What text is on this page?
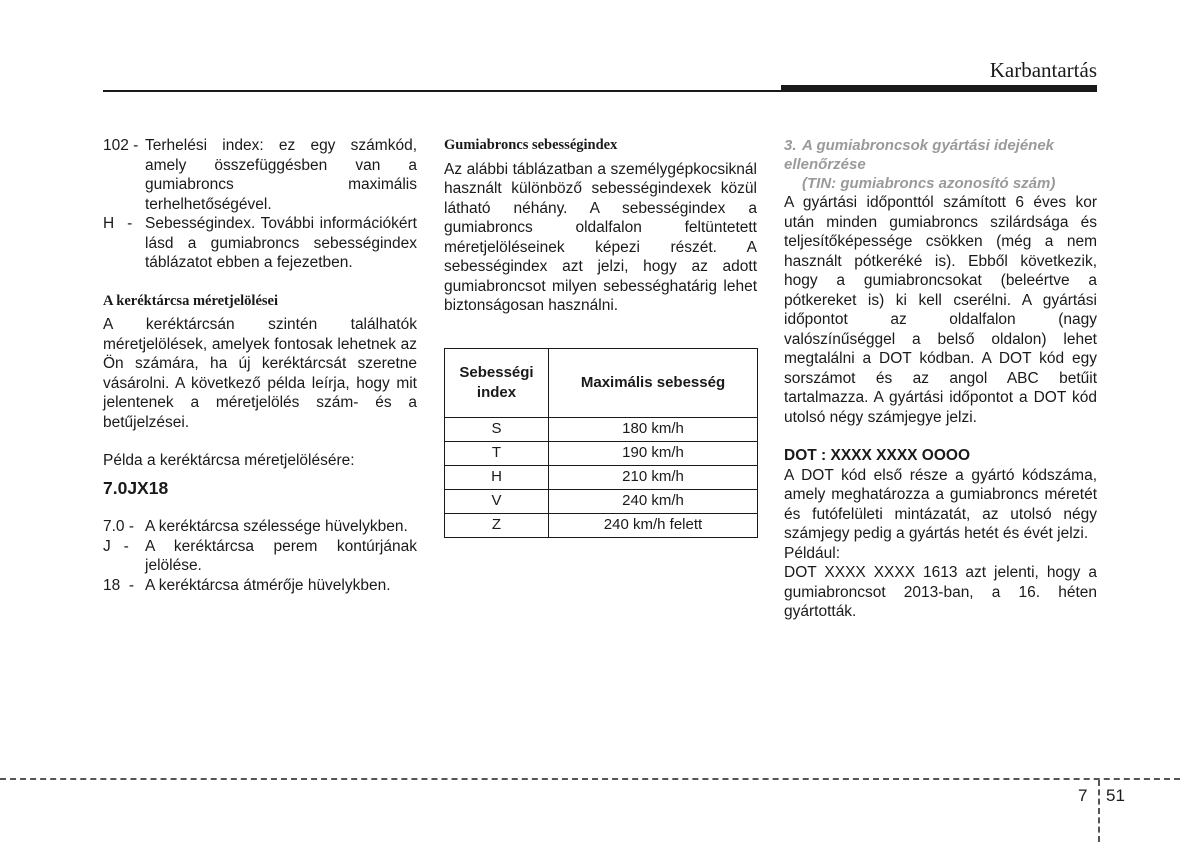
Karbantartás
102 - Terhelési index: ez egy számkód, amely összefüggésben van a gumiabroncs maximális terhelhetőségével.
H   - Sebességindex. További információkért lásd a gumiabroncs sebességindex táblázatot ebben a fejezetben.

A keréktárcsa méretjelölései

A keréktárcsán szintén találhatók méretjelölések, amelyek fontosak lehetnek az Ön számára, ha új keréktárcsát szeretne vásárolni. A következő példa leírja, hogy mit jelentenek a méretjelölés szám- és a betűjelzései.

Példa a keréktárcsa méretjelölésére:

7.0JX18

7.0 - A keréktárcsa szélessége hüvelykben.
J   - A keréktárcsa perem kontúrjának jelölése.
18  - A keréktárcsa átmérője hüvelykben.

Gumiabroncs sebességindex

Az alábbi táblázatban a személygépkocsiknál használt különböző sebességindexek közül látható néhány. A sebességindex a gumiabroncs oldalfalon feltüntetett méretjelöléseinek képezi részét. A sebességindex azt jelzi, hogy az adott gumiabroncsot milyen sebességhatárig lehet biztonságosan használni.

Sebességi index	Maximális sebesség
S	180 km/h
T	190 km/h
H	210 km/h
V	240 km/h
Z	240 km/h felett
3. A gumiabroncsok gyártási idejének ellenőrzése
(TIN: gumiabroncs azonosító szám)

A gyártási időponttól számított 6 éves kor után minden gumiabroncs szilárdsága és teljesítőképessége csökken (még a nem használt pótkeréké is). Ebből következik, hogy a gumiabroncsokat (beleértve a pótkereket is) ki kell cserélni. A gyártási időpontot az oldalfalon (nagy valószínűséggel a belső oldalon) lehet megtalálni a DOT kódban. A DOT kód egy sorszámot és az angol ABC betűit tartalmazza. A gyártási időpontot a DOT kód utolsó négy számjegye jelzi.

DOT : XXXX XXXX OOOO

A DOT kód első része a gyártó kódszáma, amely meghatározza a gumiabroncs méretét és futófelületi mintázatát, az utolsó négy számjegy pedig a gyártás hetét és évét jelzi.

Például:

DOT XXXX XXXX 1613 azt jelenti, hogy a gumiabroncsot 2013-ban, a 16. héten gyártották.

7 51
